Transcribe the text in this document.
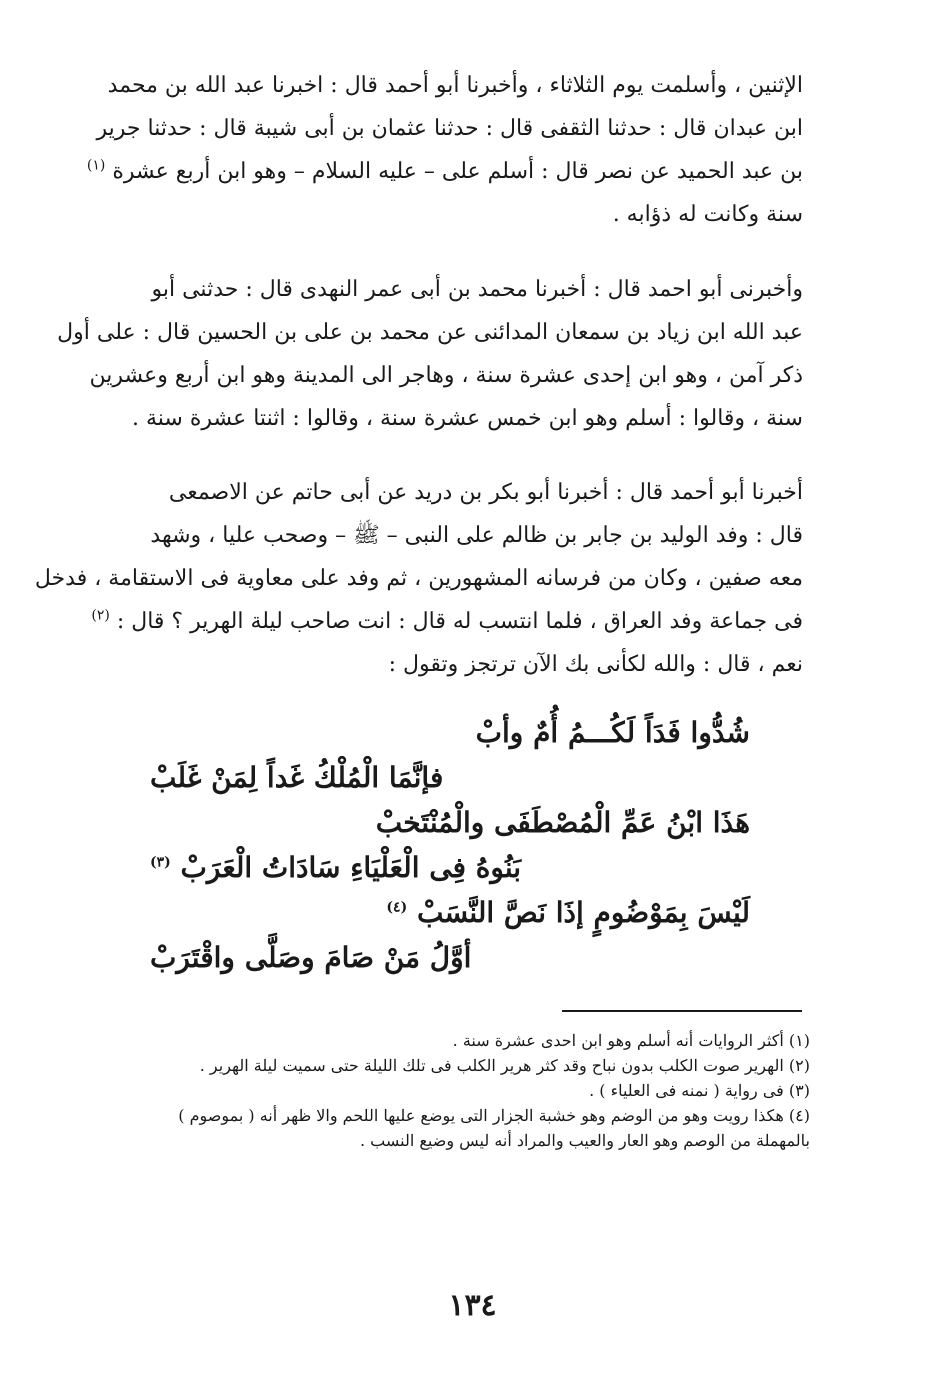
الإثنين ، وأسلمت يوم الثلاثاء ، وأخبرنا أبو أحمد قال : اخبرنا عبد الله بن محمد
ابن عبدان قال : حدثنا الثقفى قال : حدثنا عثمان بن أبى شيبة قال : حدثنا جرير
بن عبد الحميد عن نصر قال : أسلم على – عليه السلام – وهو ابن أربع عشرة $^{(١)}$
سنة وكانت له ذؤابه .
وأخبرنى أبو احمد قال : أخبرنا محمد بن أبى عمر النهدى قال : حدثنى أبو
عبد الله ابن زياد بن سمعان المدائنى عن محمد بن على بن الحسين قال : على أول
ذكر آمن ، وهو ابن إحدى عشرة سنة ، وهاجر الى المدينة وهو ابن أربع وعشرين
سنة ، وقالوا : أسلم وهو ابن خمس عشرة سنة ، وقالوا : اثنتا عشرة سنة .
أخبرنا أبو أحمد قال : أخبرنا أبو بكر بن دريد عن أبى حاتم عن الاصمعى
قال : وفد الوليد بن جابر بن ظالم على النبى – ﷺ – وصحب عليا ، وشهد
معه صفين ، وكان من فرسانه المشهورين ، ثم وفد على معاوية فى الاستقامة ، فدخل
فى جماعة وفد العراق ، فلما انتسب له قال : انت صاحب ليلة الهرير ؟ قال : $^{(٢)}$
نعم ، قال : والله لكأنى بك الآن ترتجز وتقول :
شُدُّوا فَدَاً لَكُـــمُ أُمٌ وأبْ
فإنَّمَا الْمُلْكُ غَداً لِمَنْ غَلَبْ
هَذَا ابْنُ عَمِّ الْمُصْطَفَى والْمُنْتَخبْ
بَنُوهُ فِى الْعَلْيَاءِ سَادَاتُ الْعَرَبْ $^{(٣)}$
لَيْسَ بِمَوْضُومٍ إذَا نَصَّ النَّسَبْ $^{(٤)}$
أوَّلُ مَنْ صَامَ وصَلَّى واقْتَرَبْ
(١) أكثر الروايات أنه أسلم وهو ابن احدى عشرة سنة .
(٢) الهرير صوت الكلب بدون نباح وقد كثر هرير الكلب فى تلك الليلة حتى سميت ليلة الهرير .
(٣) فى رواية ( نمنه فى العلياء ) .
(٤) هكذا رويت وهو من الوضم وهو خشبة الجزار التى يوضع عليها اللحم والا ظهر أنه ( بموصوم )
بالمهملة من الوصم وهو العار والعيب والمراد أنه ليس وضيع النسب .
١٣٤
